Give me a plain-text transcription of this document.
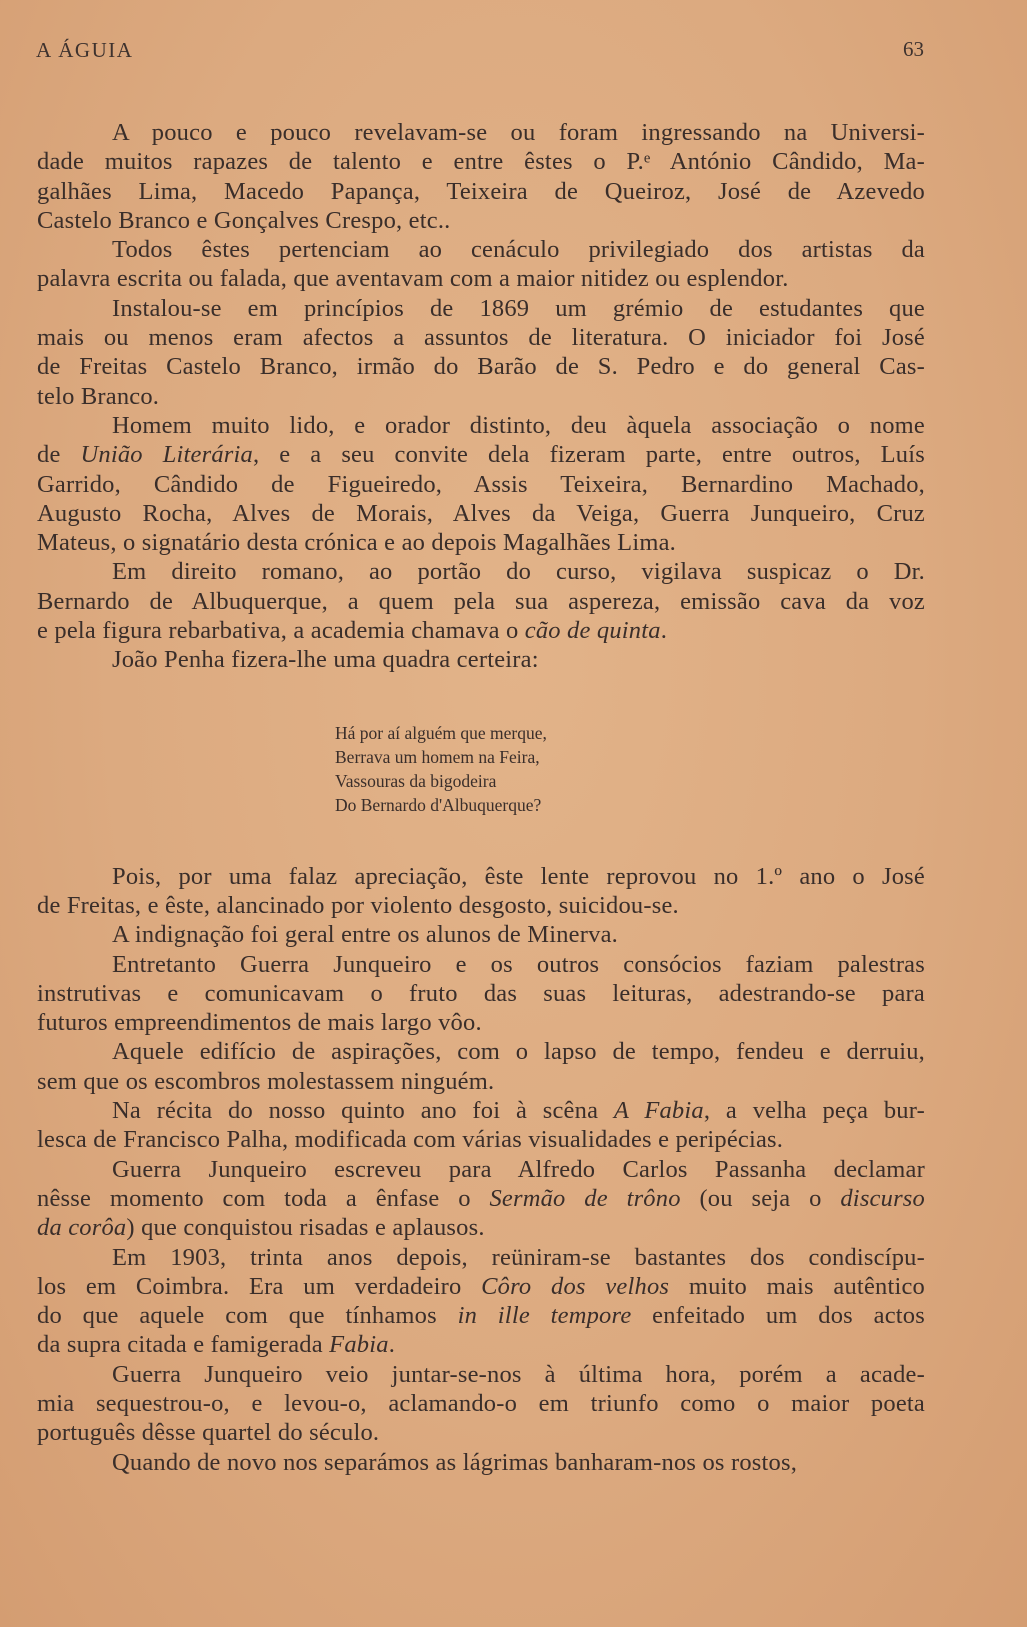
A ÁGUIA	63
A pouco e pouco revelavam-se ou foram ingressando na Universi-
dade muitos rapazes de talento e entre êstes o P.ᵉ António Cândido, Ma-
galhães Lima, Macedo Papança, Teixeira de Queiroz, José de Azevedo
Castelo Branco e Gonçalves Crespo, etc..
Todos êstes pertenciam ao cenáculo privilegiado dos artistas da
palavra escrita ou falada, que aventavam com a maior nitidez ou esplendor.
Instalou-se em princípios de 1869 um grémio de estudantes que
mais ou menos eram afectos a assuntos de literatura. O iniciador foi José
de Freitas Castelo Branco, irmão do Barão de S. Pedro e do general Cas-
telo Branco.
Homem muito lido, e orador distinto, deu àquela associação o nome
de União Literária, e a seu convite dela fizeram parte, entre outros, Luís
Garrido, Cândido de Figueiredo, Assis Teixeira, Bernardino Machado,
Augusto Rocha, Alves de Morais, Alves da Veiga, Guerra Junqueiro, Cruz
Mateus, o signatário desta crónica e ao depois Magalhães Lima.
Em direito romano, ao portão do curso, vigilava suspicaz o Dr.
Bernardo de Albuquerque, a quem pela sua aspereza, emissão cava da voz
e pela figura rebarbativa, a academia chamava o cão de quinta.
João Penha fizera-lhe uma quadra certeira:
Há por aí alguém que merque,
Berrava um homem na Feira,
Vassouras da bigodeira
Do Bernardo d'Albuquerque?
Pois, por uma falaz apreciação, êste lente reprovou no 1.º ano o José
de Freitas, e êste, alancinado por violento desgosto, suicidou-se.
A indignação foi geral entre os alunos de Minerva.
Entretanto Guerra Junqueiro e os outros consócios faziam palestras
instrutivas e comunicavam o fruto das suas leituras, adestrando-se para
futuros empreendimentos de mais largo vôo.
Aquele edifício de aspirações, com o lapso de tempo, fendeu e derruiu,
sem que os escombros molestassem ninguém.
Na récita do nosso quinto ano foi à scêna A Fabia, a velha peça bur-
lesca de Francisco Palha, modificada com várias visualidades e peripécias.
Guerra Junqueiro escreveu para Alfredo Carlos Passanha declamar
nêsse momento com toda a ênfase o Sermão de trôno (ou seja o discurso
da corôa) que conquistou risadas e aplausos.
Em 1903, trinta anos depois, reüniram-se bastantes dos condiscípu-
los em Coimbra. Era um verdadeiro Côro dos velhos muito mais autêntico
do que aquele com que tínhamos in ille tempore enfeitado um dos actos
da supra citada e famigerada Fabia.
Guerra Junqueiro veio juntar-se-nos à última hora, porém a acade-
mia sequestrou-o, e levou-o, aclamando-o em triunfo como o maior poeta
português dêsse quartel do século.
Quando de novo nos separámos as lágrimas banharam-nos os rostos,
